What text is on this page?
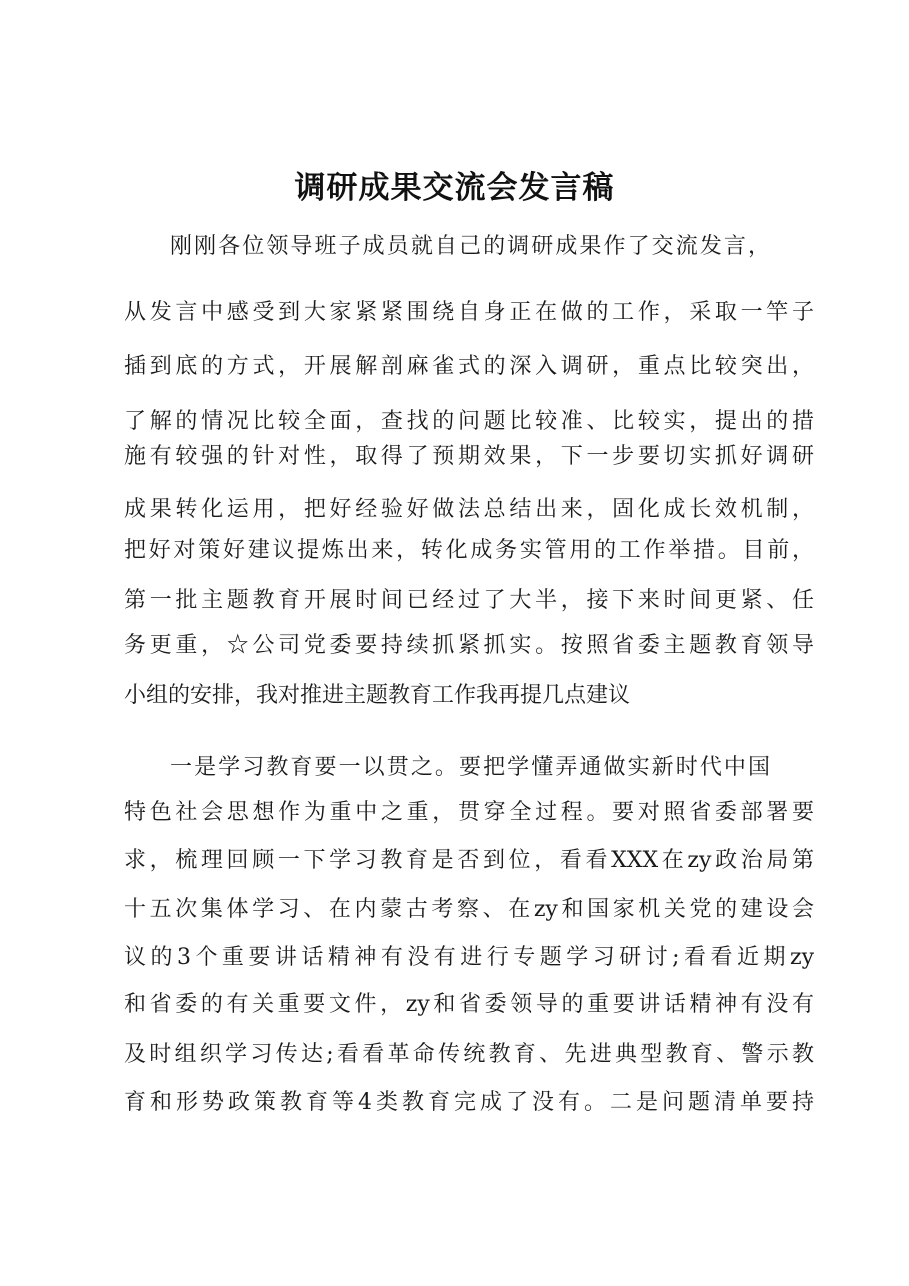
调研成果交流会发言稿
刚刚各位领导班子成员就自己的调研成果作了交流发言，
从发言中感受到大家紧紧围绕自身正在做的工作，采取一竿子
插到底的方式，开展解剖麻雀式的深入调研，重点比较突出，
了解的情况比较全面，查找的问题比较准、比较实，提出的措
施有较强的针对性，取得了预期效果，下一步要切实抓好调研
成果转化运用，把好经验好做法总结出来，固化成长效机制，
把好对策好建议提炼出来，转化成务实管用的工作举措。目前，
第一批主题教育开展时间已经过了大半，接下来时间更紧、任
务更重，☆公司党委要持续抓紧抓实。按照省委主题教育领导
小组的安排，我对推进主题教育工作我再提几点建议
一是学习教育要一以贯之。要把学懂弄通做实新时代中国
特色社会思想作为重中之重，贯穿全过程。要对照省委部署要
求，梳理回顾一下学习教育是否到位，看看XXX在zy政治局第
十五次集体学习、在内蒙古考察、在zy和国家机关党的建设会
议的3个重要讲话精神有没有进行专题学习研讨;看看近期zy
和省委的有关重要文件，zy和省委领导的重要讲话精神有没有
及时组织学习传达;看看革命传统教育、先进典型教育、警示教
育和形势政策教育等4类教育完成了没有。二是问题清单要持
